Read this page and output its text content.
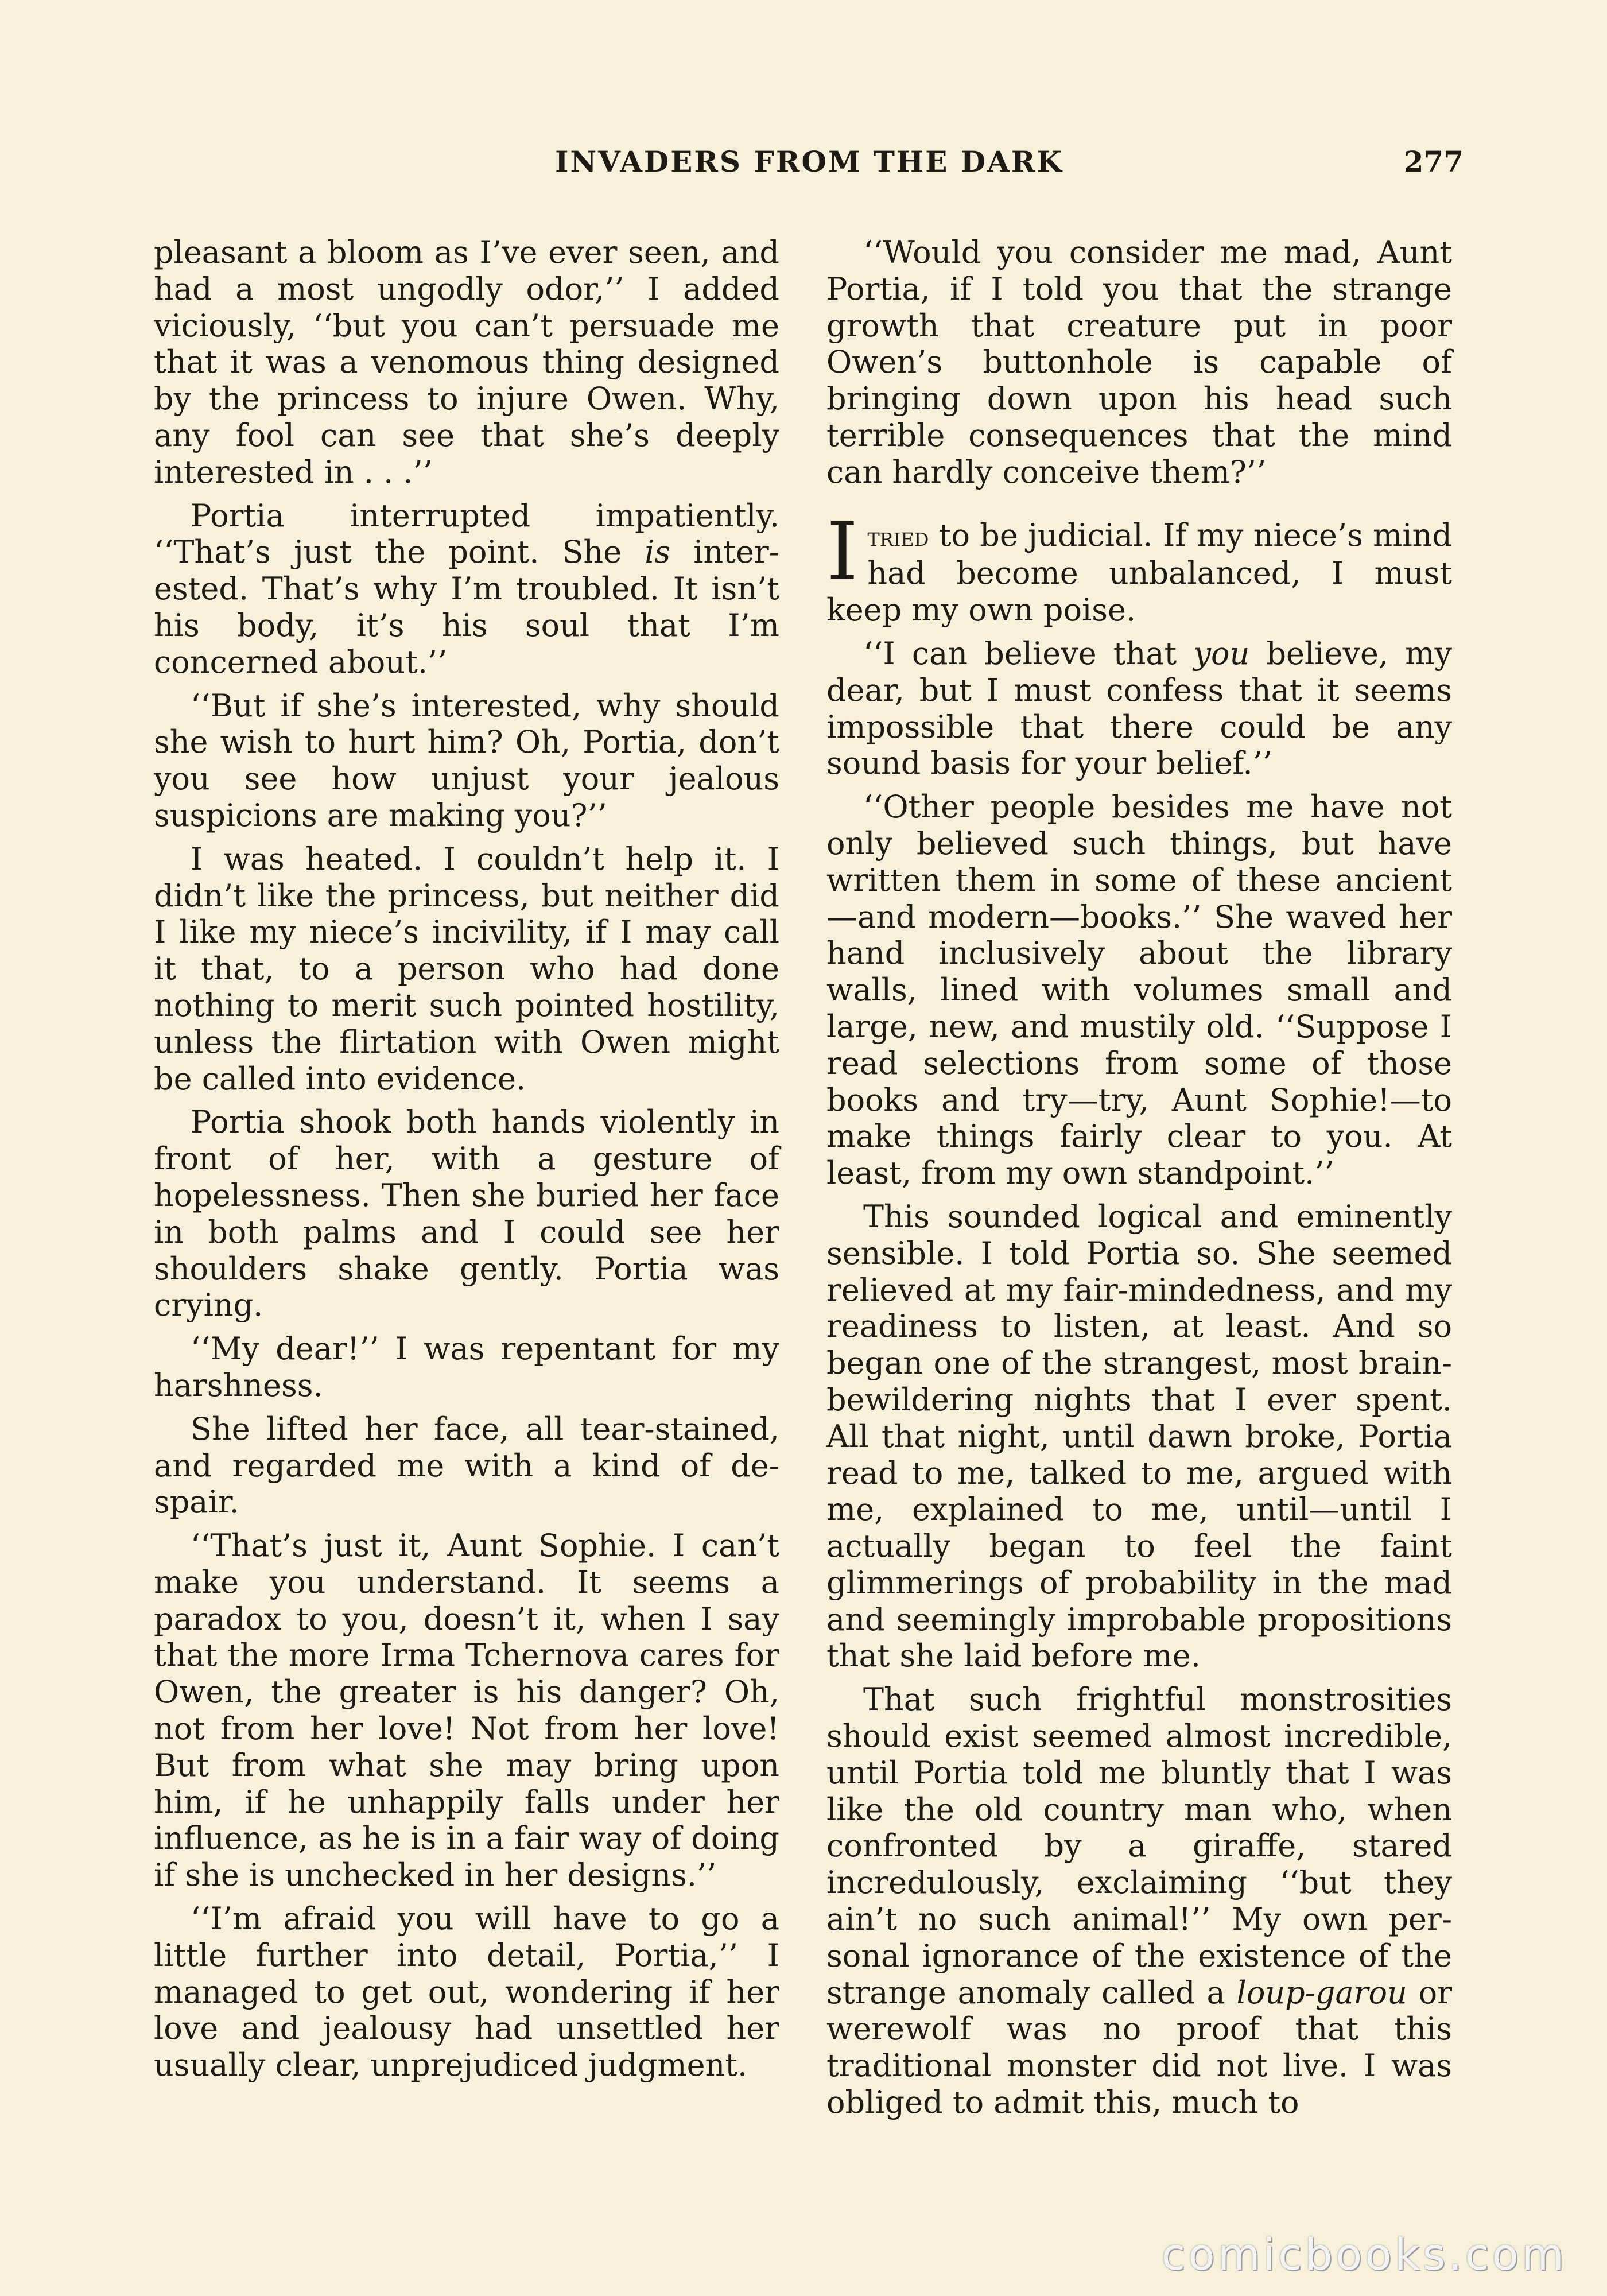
INVADERS FROM THE DARK	277

pleasant a bloom as I’ve ever seen, and had a most ungodly odor,’’ I added viciously, ‘‘but you can’t persuade me that it was a venomous thing designed by the princess to injure Owen. Why, any fool can see that she’s deeply interested in . . .’’

Portia interrupted impatiently. ‘‘That’s just the point. She is interested. That’s why I’m troubled. It isn’t his body, it’s his soul that I’m concerned about.’’

‘‘But if she’s interested, why should she wish to hurt him? Oh, Portia, don’t you see how unjust your jealous suspicions are making you?’’

I was heated. I couldn’t help it. I didn’t like the princess, but neither did I like my niece’s incivility, if I may call it that, to a person who had done nothing to merit such pointed hostility, unless the flirtation with Owen might be called into evidence.

Portia shook both hands violently in front of her, with a gesture of hopelessness. Then she buried her face in both palms and I could see her shoulders shake gently. Portia was crying.

‘‘My dear!’’ I was repentant for my harshness.

She lifted her face, all tear-stained, and regarded me with a kind of despair.

‘‘That’s just it, Aunt Sophie. I can’t make you understand. It seems a paradox to you, doesn’t it, when I say that the more Irma Tchernova cares for Owen, the greater is his danger? Oh, not from her love! Not from her love! But from what she may bring upon him, if he unhappily falls under her influence, as he is in a fair way of doing if she is unchecked in her designs.’’

‘‘I’m afraid you will have to go a little further into detail, Portia,’’ I managed to get out, wondering if her love and jealousy had unsettled her usually clear, unprejudiced judgment.

‘‘Would you consider me mad, Aunt Portia, if I told you that the strange growth that creature put in poor Owen’s buttonhole is capable of bringing down upon his head such terrible consequences that the mind can hardly conceive them?’’

Itried to be judicial. If my niece’s mind had become unbalanced, I must keep my own poise.

‘‘I can believe that you believe, my dear, but I must confess that it seems impossible that there could be any sound basis for your belief.’’

‘‘Other people besides me have not only believed such things, but have written them in some of these ancient —and modern—books.’’ She waved her hand inclusively about the library walls, lined with volumes small and large, new, and mustily old. ‘‘Suppose I read selections from some of those books and try—try, Aunt Sophie!—to make things fairly clear to you. At least, from my own standpoint.’’

This sounded logical and eminently sensible. I told Portia so. She seemed relieved at my fair-mindedness, and my readiness to listen, at least. And so began one of the strangest, most brain-bewildering nights that I ever spent. All that night, until dawn broke, Portia read to me, talked to me, argued with me, explained to me, until—until I actually began to feel the faint glimmerings of probability in the mad and seemingly improbable propositions that she laid before me.

That such frightful monstrosities should exist seemed almost incredible, until Portia told me bluntly that I was like the old country man who, when confronted by a giraffe, stared incredulously, exclaiming ‘‘but they ain’t no such animal!’’ My own personal ignorance of the existence of the strange anomaly called a loup-garou or werewolf was no proof that this traditional monster did not live. I was obliged to admit this, much to

comicbooks.com
